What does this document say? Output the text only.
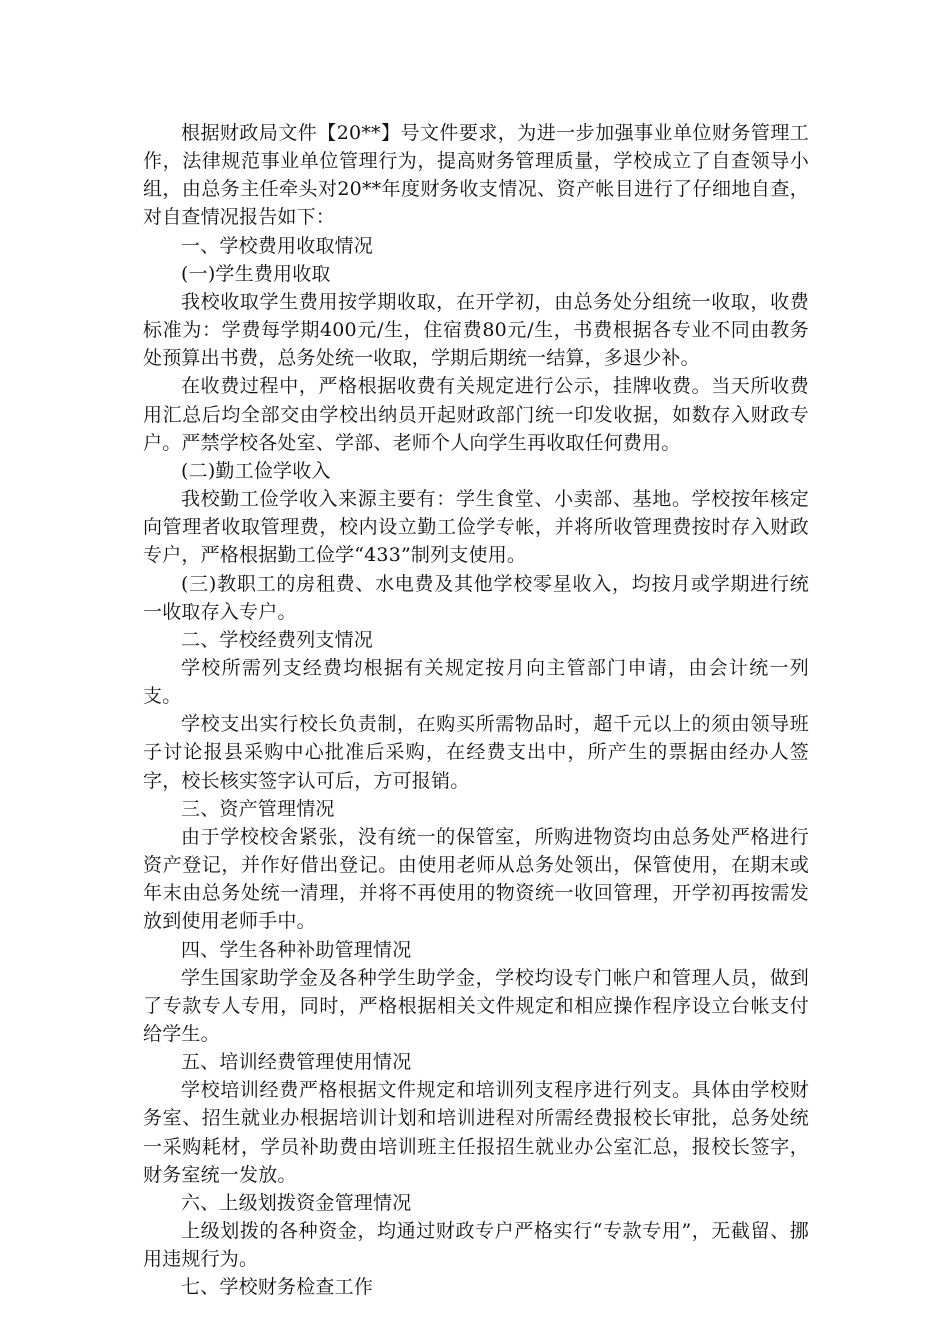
根据财政局文件【20**】号文件要求，为进一步加强事业单位财务管理工作，法律规范事业单位管理行为，提高财务管理质量，学校成立了自查领导小组，由总务主任牵头对20**年度财务收支情况、资产帐目进行了仔细地自查，对自查情况报告如下：

一、学校费用收取情况

(一)学生费用收取

我校收取学生费用按学期收取，在开学初，由总务处分组统一收取，收费标准为：学费每学期400元/生，住宿费80元/生，书费根据各专业不同由教务处预算出书费，总务处统一收取，学期后期统一结算，多退少补。

在收费过程中，严格根据收费有关规定进行公示，挂牌收费。当天所收费用汇总后均全部交由学校出纳员开起财政部门统一印发收据，如数存入财政专户。严禁学校各处室、学部、老师个人向学生再收取任何费用。

(二)勤工俭学收入

我校勤工俭学收入来源主要有：学生食堂、小卖部、基地。学校按年核定向管理者收取管理费，校内设立勤工俭学专帐，并将所收管理费按时存入财政专户，严格根据勤工俭学“433”制列支使用。

(三)教职工的房租费、水电费及其他学校零星收入，均按月或学期进行统一收取存入专户。

二、学校经费列支情况

学校所需列支经费均根据有关规定按月向主管部门申请，由会计统一列支。

学校支出实行校长负责制，在购买所需物品时，超千元以上的须由领导班子讨论报县采购中心批准后采购，在经费支出中，所产生的票据由经办人签字，校长核实签字认可后，方可报销。

三、资产管理情况

由于学校校舍紧张，没有统一的保管室，所购进物资均由总务处严格进行资产登记，并作好借出登记。由使用老师从总务处领出，保管使用，在期末或年末由总务处统一清理，并将不再使用的物资统一收回管理，开学初再按需发放到使用老师手中。

四、学生各种补助管理情况

学生国家助学金及各种学生助学金，学校均设专门帐户和管理人员，做到了专款专人专用，同时，严格根据相关文件规定和相应操作程序设立台帐支付给学生。

五、培训经费管理使用情况

学校培训经费严格根据文件规定和培训列支程序进行列支。具体由学校财务室、招生就业办根据培训计划和培训进程对所需经费报校长审批，总务处统一采购耗材，学员补助费由培训班主任报招生就业办公室汇总，报校长签字，财务室统一发放。

六、上级划拨资金管理情况

上级划拨的各种资金，均通过财政专户严格实行“专款专用”，无截留、挪用违规行为。

七、学校财务检查工作
